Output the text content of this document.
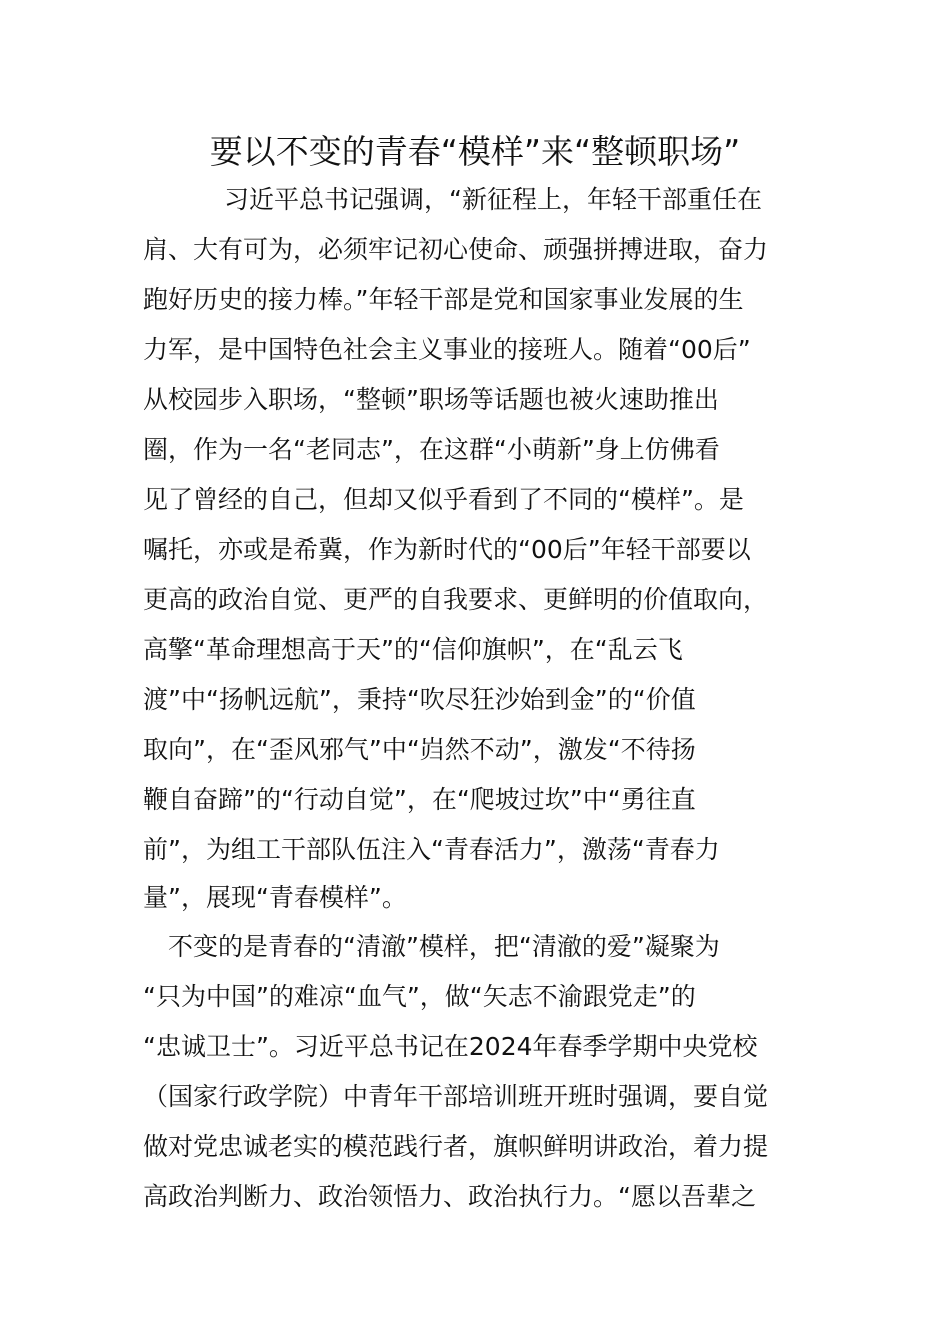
要以不变的青春“模样”来“整顿职场”
习近平总书记强调，“新征程上，年轻干部重任在
肩、大有可为，必须牢记初心使命、顽强拼搏进取，奋力
跑好历史的接力棒。”年轻干部是党和国家事业发展的生
力军，是中国特色社会主义事业的接班人。随着“00后”
从校园步入职场，“整顿”职场等话题也被火速助推出
圈，作为一名“老同志”，在这群“小萌新”身上仿佛看
见了曾经的自己，但却又似乎看到了不同的“模样”。是
嘱托，亦或是希冀，作为新时代的“00后”年轻干部要以
更高的政治自觉、更严的自我要求、更鲜明的价值取向，
高擎“革命理想高于天”的“信仰旗帜”，在“乱云飞
渡”中“扬帆远航”，秉持“吹尽狂沙始到金”的“价值
取向”，在“歪风邪气”中“岿然不动”，激发“不待扬
鞭自奋蹄”的“行动自觉”，在“爬坡过坎”中“勇往直
前”，为组工干部队伍注入“青春活力”，激荡“青春力
量”，展现“青春模样”。
不变的是青春的“清澈”模样，把“清澈的爱”凝聚为
“只为中国”的难凉“血气”，做“矢志不渝跟党走”的
“忠诚卫士”。习近平总书记在2024年春季学期中央党校
（国家行政学院）中青年干部培训班开班时强调，要自觉
做对党忠诚老实的模范践行者，旗帜鲜明讲政治，着力提
高政治判断力、政治领悟力、政治执行力。“愿以吾辈之
